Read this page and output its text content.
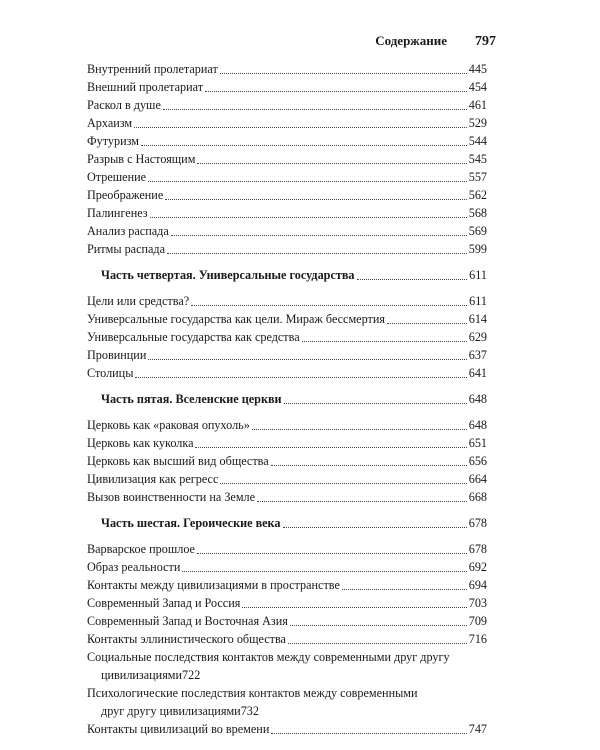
Содержание 797
Внутренний пролетариат	445
Внешний пролетариат	454
Раскол в душе	461
Архаизм	529
Футуризм	544
Разрыв с Настоящим	545
Отрешение	557
Преображение	562
Палингенез	568
Анализ распада	569
Ритмы распада	599
Часть четвертая. Универсальные государства	611
Цели или средства?	611
Универсальные государства как цели. Мираж бессмертия	614
Универсальные государства как средства	629
Провинции	637
Столицы	641
Часть пятая. Вселенские церкви	648
Церковь как «раковая опухоль»	648
Церковь как куколка	651
Церковь как высший вид общества	656
Цивилизация как регресс	664
Вызов воинственности на Земле	668
Часть шестая. Героические века	678
Варварское прошлое	678
Образ реальности	692
Контакты между цивилизациями в пространстве	694
Современный Запад и Россия	703
Современный Запад и Восточная Азия	709
Контакты эллинистического общества	716
Социальные последствия контактов между современными друг другу
цивилизациями 722
Психологические последствия контактов между современными
друг другу цивилизациями 732
Контакты цивилизаций во времени	747
